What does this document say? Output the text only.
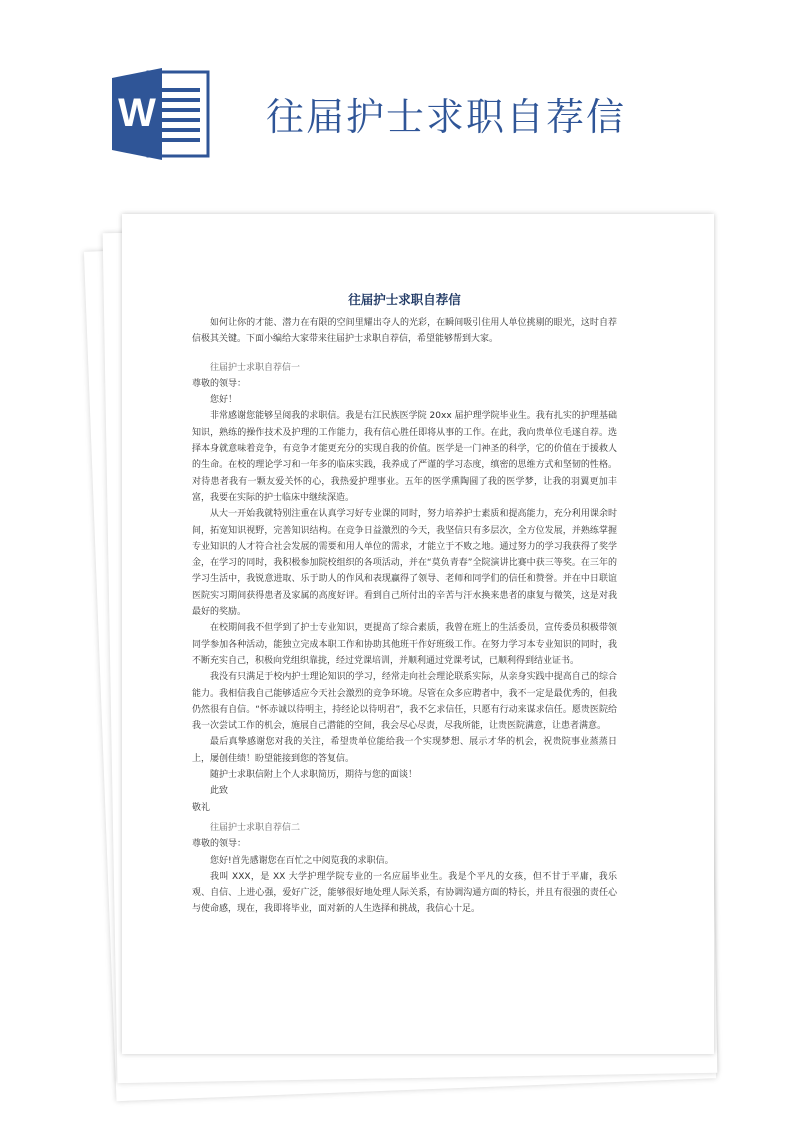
W	往届护士求职自荐信
往届护士求职自荐信

如何让你的才能、潜力在有限的空间里耀出夺人的光彩，在瞬间吸引住用人单位挑剔的眼光，这时自荐信极其关键。下面小编给大家带来往届护士求职自荐信，希望能够帮到大家。

往届护士求职自荐信一

尊敬的领导：

您好！

非常感谢您能够呈阅我的求职信。我是右江民族医学院 20xx 届护理学院毕业生。我有扎实的护理基础知识，熟练的操作技术及护理的工作能力，我有信心胜任即将从事的工作。在此，我向贵单位毛遂自荐。选择本身就意味着竞争，有竞争才能更充分的实现自我的价值。医学是一门神圣的科学，它的价值在于援救人的生命。在校的理论学习和一年多的临床实践，我养成了严谨的学习态度，缜密的思维方式和坚韧的性格。对待患者我有一颗友爱关怀的心，我热爱护理事业。五年的医学熏陶圆了我的医学梦，让我的羽翼更加丰富，我要在实际的护士临床中继续深造。

从大一开始我就特别注重在认真学习好专业课的同时，努力培养护士素质和提高能力，充分利用课余时间，拓宽知识视野，完善知识结构。在竞争日益激烈的今天，我坚信只有多层次，全方位发展，并熟练掌握专业知识的人才符合社会发展的需要和用人单位的需求，才能立于不败之地。通过努力的学习我获得了奖学金，在学习的同时，我积极参加院校组织的各项活动，并在“莫负青春”全院演讲比赛中获三等奖。在三年的学习生活中，我锐意进取、乐于助人的作风和表现赢得了领导、老师和同学们的信任和赞誉。并在中日联谊医院实习期间获得患者及家属的高度好评。看到自己所付出的辛苦与汗水换来患者的康复与微笑，这是对我最好的奖励。

在校期间我不但学到了护士专业知识，更提高了综合素质，我曾在班上的生活委员，宣传委员积极带领同学参加各种活动，能独立完成本职工作和协助其他班干作好班级工作。在努力学习本专业知识的同时，我不断充实自己，积极向党组织靠拢，经过党课培训，并顺利通过党课考试，已顺利得到结业证书。

我没有只满足于校内护士理论知识的学习，经常走向社会理论联系实际，从亲身实践中提高自己的综合能力。我相信我自己能够适应今天社会激烈的竞争环境。尽管在众多应聘者中，我不一定是最优秀的，但我仍然很有自信。“怀赤诚以待明主，持经论以待明君”，我不乞求信任，只愿有行动来谋求信任。愿贵医院给我一次尝试工作的机会，施展自己潜能的空间，我会尽心尽责，尽我所能，让贵医院满意，让患者满意。

最后真挚感谢您对我的关注，希望贵单位能给我一个实现梦想、展示才华的机会，祝贵院事业蒸蒸日上，屡创佳绩！盼望能接到您的答复信。

随护士求职信附上个人求职简历，期待与您的面谈！

此致

敬礼

往届护士求职自荐信二

尊敬的领导：

您好!首先感谢您在百忙之中阅览我的求职信。

我叫 XXX，是 XX 大学护理学院专业的一名应届毕业生。我是个平凡的女孩，但不甘于平庸，我乐观、自信、上进心强，爱好广泛，能够很好地处理人际关系，有协调沟通方面的特长，并且有很强的责任心与使命感，现在，我即将毕业，面对新的人生选择和挑战，我信心十足。
